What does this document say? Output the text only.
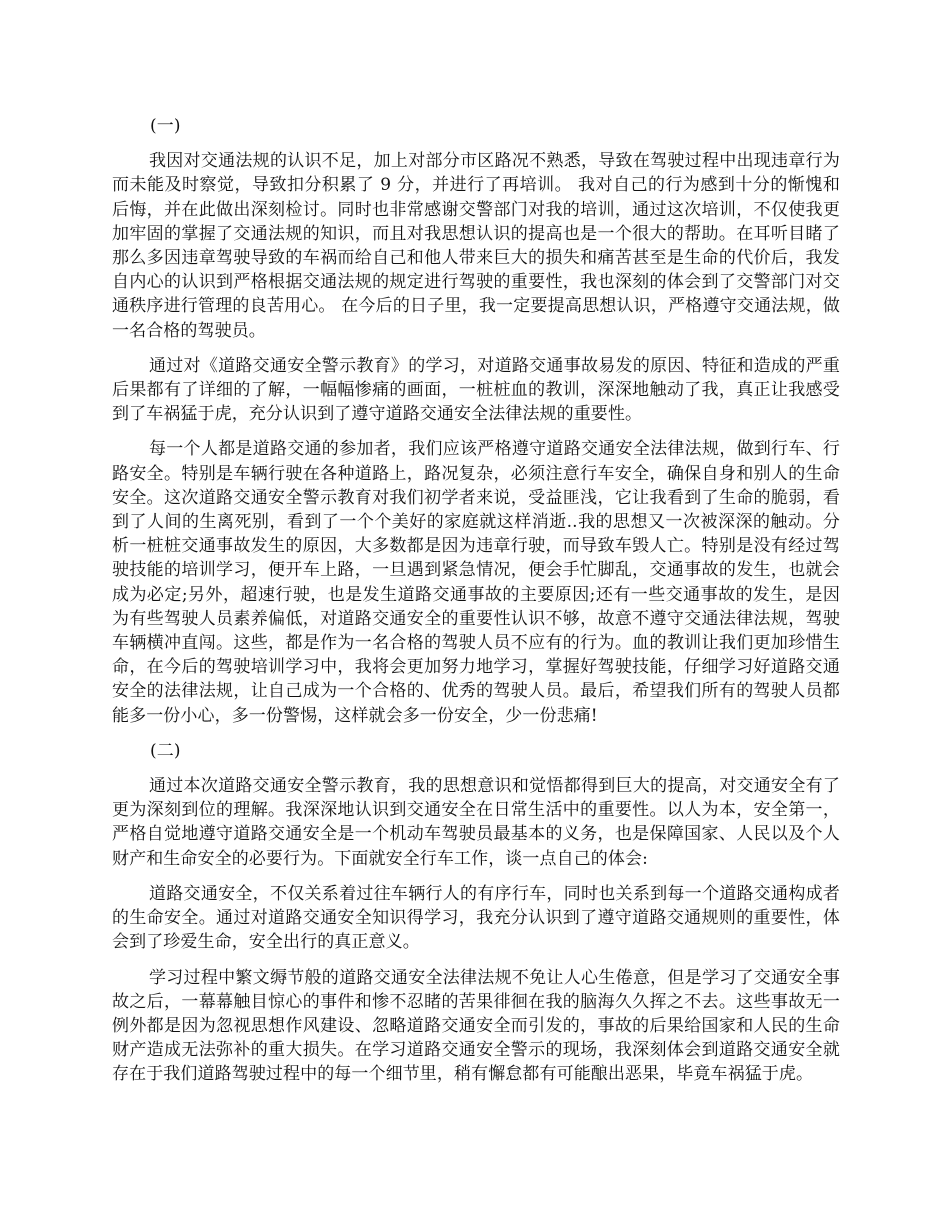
(一)

我因对交通法规的认识不足，加上对部分市区路况不熟悉，导致在驾驶过程中出现违章行为而未能及时察觉，导致扣分积累了 9 分，并进行了再培训。 我对自己的行为感到十分的惭愧和后悔，并在此做出深刻检讨。同时也非常感谢交警部门对我的培训，通过这次培训，不仅使我更加牢固的掌握了交通法规的知识，而且对我思想认识的提高也是一个很大的帮助。在耳听目睹了那么多因违章驾驶导致的车祸而给自己和他人带来巨大的损失和痛苦甚至是生命的代价后，我发自内心的认识到严格根据交通法规的规定进行驾驶的重要性，我也深刻的体会到了交警部门对交通秩序进行管理的良苦用心。 在今后的日子里，我一定要提高思想认识，严格遵守交通法规，做一名合格的驾驶员。

通过对《道路交通安全警示教育》的学习，对道路交通事故易发的原因、特征和造成的严重后果都有了详细的了解，一幅幅惨痛的画面，一桩桩血的教训，深深地触动了我，真正让我感受到了车祸猛于虎，充分认识到了遵守道路交通安全法律法规的重要性。

每一个人都是道路交通的参加者，我们应该严格遵守道路交通安全法律法规，做到行车、行路安全。特别是车辆行驶在各种道路上，路况复杂，必须注意行车安全，确保自身和别人的生命安全。这次道路交通安全警示教育对我们初学者来说，受益匪浅，它让我看到了生命的脆弱，看到了人间的生离死别，看到了一个个美好的家庭就这样消逝..我的思想又一次被深深的触动。分析一桩桩交通事故发生的原因，大多数都是因为违章行驶，而导致车毁人亡。特别是没有经过驾驶技能的培训学习，便开车上路，一旦遇到紧急情况，便会手忙脚乱，交通事故的发生，也就会成为必定;另外，超速行驶，也是发生道路交通事故的主要原因;还有一些交通事故的发生，是因为有些驾驶人员素养偏低，对道路交通安全的重要性认识不够，故意不遵守交通法律法规，驾驶车辆横冲直闯。这些，都是作为一名合格的驾驶人员不应有的行为。血的教训让我们更加珍惜生命，在今后的驾驶培训学习中，我将会更加努力地学习，掌握好驾驶技能，仔细学习好道路交通安全的法律法规，让自己成为一个合格的、优秀的驾驶人员。最后，希望我们所有的驾驶人员都能多一份小心，多一份警惕，这样就会多一份安全，少一份悲痛!

(二)

通过本次道路交通安全警示教育，我的思想意识和觉悟都得到巨大的提高，对交通安全有了更为深刻到位的理解。我深深地认识到交通安全在日常生活中的重要性。以人为本，安全第一，严格自觉地遵守道路交通安全是一个机动车驾驶员最基本的义务，也是保障国家、人民以及个人财产和生命安全的必要行为。下面就安全行车工作，谈一点自己的体会:

道路交通安全，不仅关系着过往车辆行人的有序行车，同时也关系到每一个道路交通构成者的生命安全。通过对道路交通安全知识得学习，我充分认识到了遵守道路交通规则的重要性，体会到了珍爱生命，安全出行的真正意义。

学习过程中繁文缛节般的道路交通安全法律法规不免让人心生倦意，但是学习了交通安全事故之后，一幕幕触目惊心的事件和惨不忍睹的苦果徘徊在我的脑海久久挥之不去。这些事故无一例外都是因为忽视思想作风建设、忽略道路交通安全而引发的，事故的后果给国家和人民的生命财产造成无法弥补的重大损失。在学习道路交通安全警示的现场，我深刻体会到道路交通安全就存在于我们道路驾驶过程中的每一个细节里，稍有懈怠都有可能酿出恶果，毕竟车祸猛于虎。
